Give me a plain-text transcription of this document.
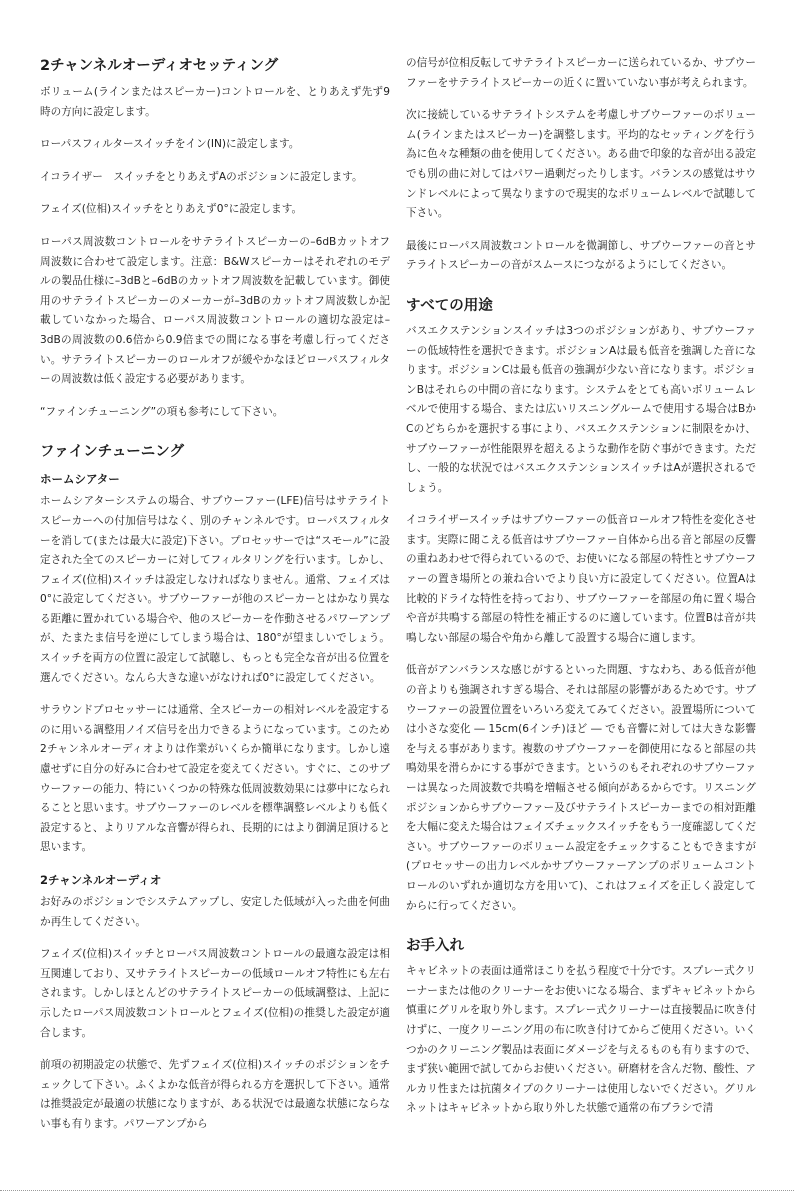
2チャンネルオーディオセッティング

ボリューム(ラインまたはスピーカー)コントロールを、とりあえず先ず9時の方向に設定します。

ローパスフィルタースイッチをイン(IN)に設定します。

イコライザー　スイッチをとりあえずAのポジションに設定します。

フェイズ(位相)スイッチをとりあえず0°に設定します。

ローパス周波数コントロールをサテライトスピーカーの–6dBカットオフ周波数に合わせて設定します。注意：B&Wスピーカーはそれぞれのモデルの製品仕様に–3dBと–6dBのカットオフ周波数を記載しています。御使用のサテライトスピーカーのメーカーが–3dBのカットオフ周波数しか記載していなかった場合、ローパス周波数コントロールの適切な設定は–3dBの周波数の0.6倍から0.9倍までの間になる事を考慮し行ってください。サテライトスピーカーのロールオフが緩やかなほどローパスフィルターの周波数は低く設定する必要があります。

“ファインチューニング”の項も参考にして下さい。

ファインチューニング
ホームシアター

ホームシアターシステムの場合、サブウーファー(LFE)信号はサテライトスピーカーへの付加信号はなく、別のチャンネルです。ローパスフィルターを消して(または最大に設定)下さい。プロセッサーでは“スモール”に設定された全てのスピーカーに対してフィルタリングを行います。しかし、フェイズ(位相)スイッチは設定しなければなりません。通常、フェイズは0°に設定してください。サブウーファーが他のスピーカーとはかなり異なる距離に置かれている場合や、他のスピーカーを作動させるパワーアンプが、たまたま信号を逆にしてしまう場合は、180°が望ましいでしょう。スイッチを両方の位置に設定して試聴し、もっとも完全な音が出る位置を選んでください。なんら大きな違いがなければ0°に設定してください。

サラウンドプロセッサーには通常、全スピーカーの相対レベルを設定するのに用いる調整用ノイズ信号を出力できるようになっています。このため2チャンネルオーディオよりは作業がいくらか簡単になります。しかし遠慮せずに自分の好みに合わせて設定を変えてください。すぐに、このサブウーファーの能力、特にいくつかの特殊な低周波数効果には夢中になられることと思います。サブウーファーのレベルを標準調整レベルよりも低く設定すると、よりリアルな音響が得られ、長期的にはより御満足頂けると思います。

2チャンネルオーディオ

お好みのポジションでシステムアップし、安定した低域が入った曲を何曲か再生してください。

フェイズ(位相)スイッチとローパス周波数コントロールの最適な設定は相互関連しており、又サテライトスピーカーの低域ロールオフ特性にも左右されます。しかしほとんどのサテライトスピーカーの低域調整は、上記に示したローパス周波数コントロールとフェイズ(位相)の推奨した設定が適合します。

前項の初期設定の状態で、先ずフェイズ(位相)スイッチのポジションをチェックして下さい。ふくよかな低音が得られる方を選択して下さい。通常は推奨設定が最適の状態になりますが、ある状況では最適な状態にならない事も有ります。パワーアンプから

の信号が位相反転してサテライトスピーカーに送られているか、サブウーファーをサテライトスピーカーの近くに置いていない事が考えられます。

次に接続しているサテライトシステムを考慮しサブウーファーのボリューム(ラインまたはスピーカー)を調整します。平均的なセッティングを行う為に色々な種類の曲を使用してください。ある曲で印象的な音が出る設定でも別の曲に対してはパワー過剰だったりします。バランスの感覚はサウンドレベルによって異なりますので現実的なボリュームレベルで試聴して下さい。

最後にローパス周波数コントロールを微調節し、サブウーファーの音とサテライトスピーカーの音がスムースにつながるようにしてください。

すべての用途

バスエクステンションスイッチは3つのポジションがあり、サブウーファーの低域特性を選択できます。ポジションAは最も低音を強調した音になります。ポジションCは最も低音の強調が少ない音になります。ポジションBはそれらの中間の音になります。システムをとても高いボリュームレベルで使用する場合、または広いリスニングルームで使用する場合はBかCのどちらかを選択する事により、バスエクステンションに制限をかけ、サブウーファーが性能限界を超えるような動作を防ぐ事ができます。ただし、一般的な状況ではバスエクステンションスイッチはAが選択されるでしょう。

イコライザースイッチはサブウーファーの低音ロールオフ特性を変化させます。実際に聞こえる低音はサブウーファー自体から出る音と部屋の反響の重ねあわせで得られているので、お使いになる部屋の特性とサブウーファーの置き場所との兼ね合いでより良い方に設定してください。位置Aは比較的ドライな特性を持っており、サブウーファーを部屋の角に置く場合や音が共鳴する部屋の特性を補正するのに適しています。位置Bは音が共鳴しない部屋の場合や角から離して設置する場合に適します。

低音がアンバランスな感じがするといった問題、すなわち、ある低音が他の音よりも強調されすぎる場合、それは部屋の影響があるためです。サブウーファーの設置位置をいろいろ変えてみてください。設置場所については小さな変化 ― 15cm(6インチ)ほど ― でも音響に対しては大きな影響を与える事があります。複数のサブウーファーを御使用になると部屋の共鳴効果を滑らかにする事ができます。というのもそれぞれのサブウーファーは異なった周波数で共鳴を増幅させる傾向があるからです。リスニングポジションからサブウーファー及びサテライトスピーカーまでの相対距離を大幅に変えた場合はフェイズチェックスイッチをもう一度確認してください。サブウーファーのボリューム設定をチェックすることもできますが(プロセッサーの出力レベルかサブウーファーアンプのボリュームコントロールのいずれか適切な方を用いて)、これはフェイズを正しく設定してからに行ってください。

お手入れ

キャビネットの表面は通常ほこりを払う程度で十分です。スプレー式クリーナーまたは他のクリーナーをお使いになる場合、まずキャビネットから慎重にグリルを取り外します。スプレー式クリーナーは直接製品に吹き付けずに、一度クリーニング用の布に吹き付けてからご使用ください。いくつかのクリーニング製品は表面にダメージを与えるものも有りますので、まず狭い範囲で試してからお使いください。研磨材を含んだ物、酸性、アルカリ性または抗菌タイプのクリーナーは使用しないでください。グリルネットはキャビネットから取り外した状態で通常の布ブラシで清
